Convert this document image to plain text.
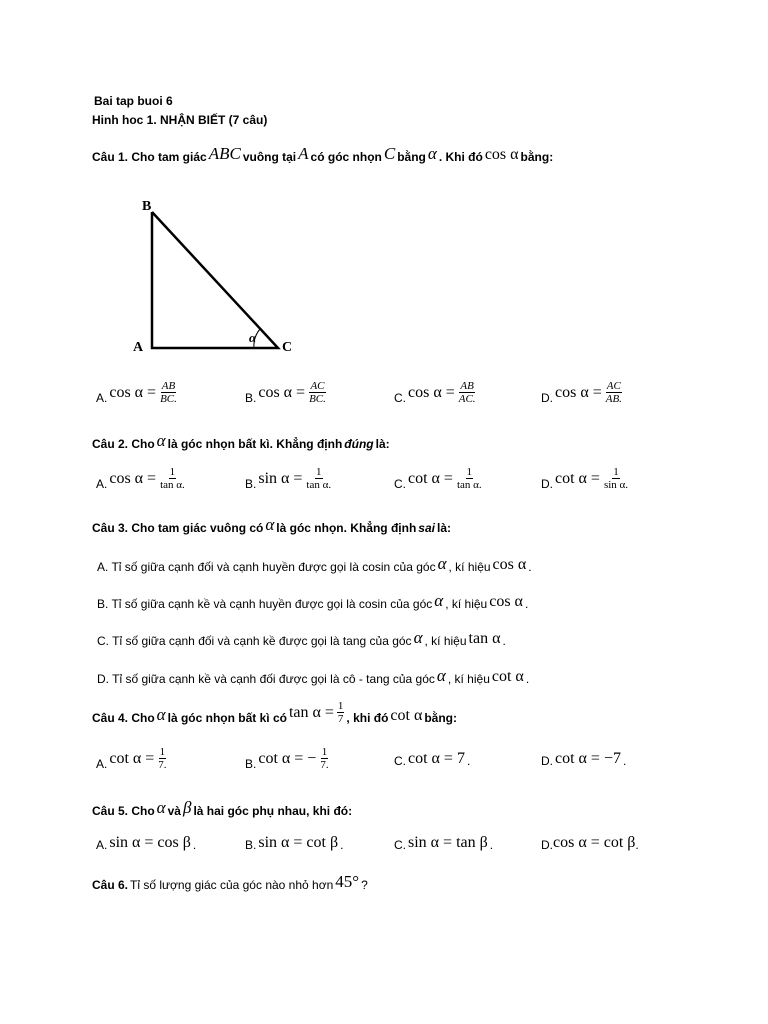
Bai tap buoi 6
Hinh hoc 1. NHẬN BIẾT (7 câu)
Câu 1. Cho tam giác ABC vuông tại A có góc nhọn C bằng α . Khi đó cos α bằng:
B
A	C
α
A. $\cos \alpha = \frac{AB}{BC.}$	B. $\cos \alpha = \frac{AC}{BC.}$	C. $\cos \alpha = \frac{AB}{AC.}$	D. $\cos \alpha = \frac{AC}{AB.}$
Câu 2. Cho α là góc nhọn bất kì. Khẳng định đúng là:
A. $\cos \alpha = \frac{1}{\text{tan α.}}$	B. $\sin \alpha = \frac{1}{\text{tan α.}}$	C. $\cot \alpha = \frac{1}{\text{tan α.}}$	D. $\cot \alpha = \frac{1}{\text{sin α.}}$
Câu 3. Cho tam giác vuông có α là góc nhọn. Khẳng định sai là:
A. Tỉ số giữa cạnh đối và cạnh huyền được gọi là cosin của góc α , kí hiệu cos α .
B. Tỉ số giữa cạnh kề và cạnh huyền được gọi là cosin của góc α , kí hiệu cos α .
C. Tỉ số giữa cạnh đối và cạnh kề được gọi là tang của góc α , kí hiệu tan α .
D. Tỉ số giữa cạnh kề và cạnh đối được gọi là cô - tang của góc α , kí hiệu cot α .
Câu 4. Cho α là góc nhọn bất kì có $\tan \alpha = \frac{1}{7}$ , khi đó cot α bằng:
A. $\cot \alpha = \frac{1}{7.}$	B. cot α = − $\frac{1}{7.}$	C. cot α = 7 .	D. cot α = −7 .
Câu 5. Cho α và β là hai góc phụ nhau, khi đó:
A. sin α = cos β .	B. sin α = cot β .	C. sin α = tan β .	D. cos α = cot β .
Câu 6. Tỉ số lượng giác của góc nào nhỏ hơn 45° ?
